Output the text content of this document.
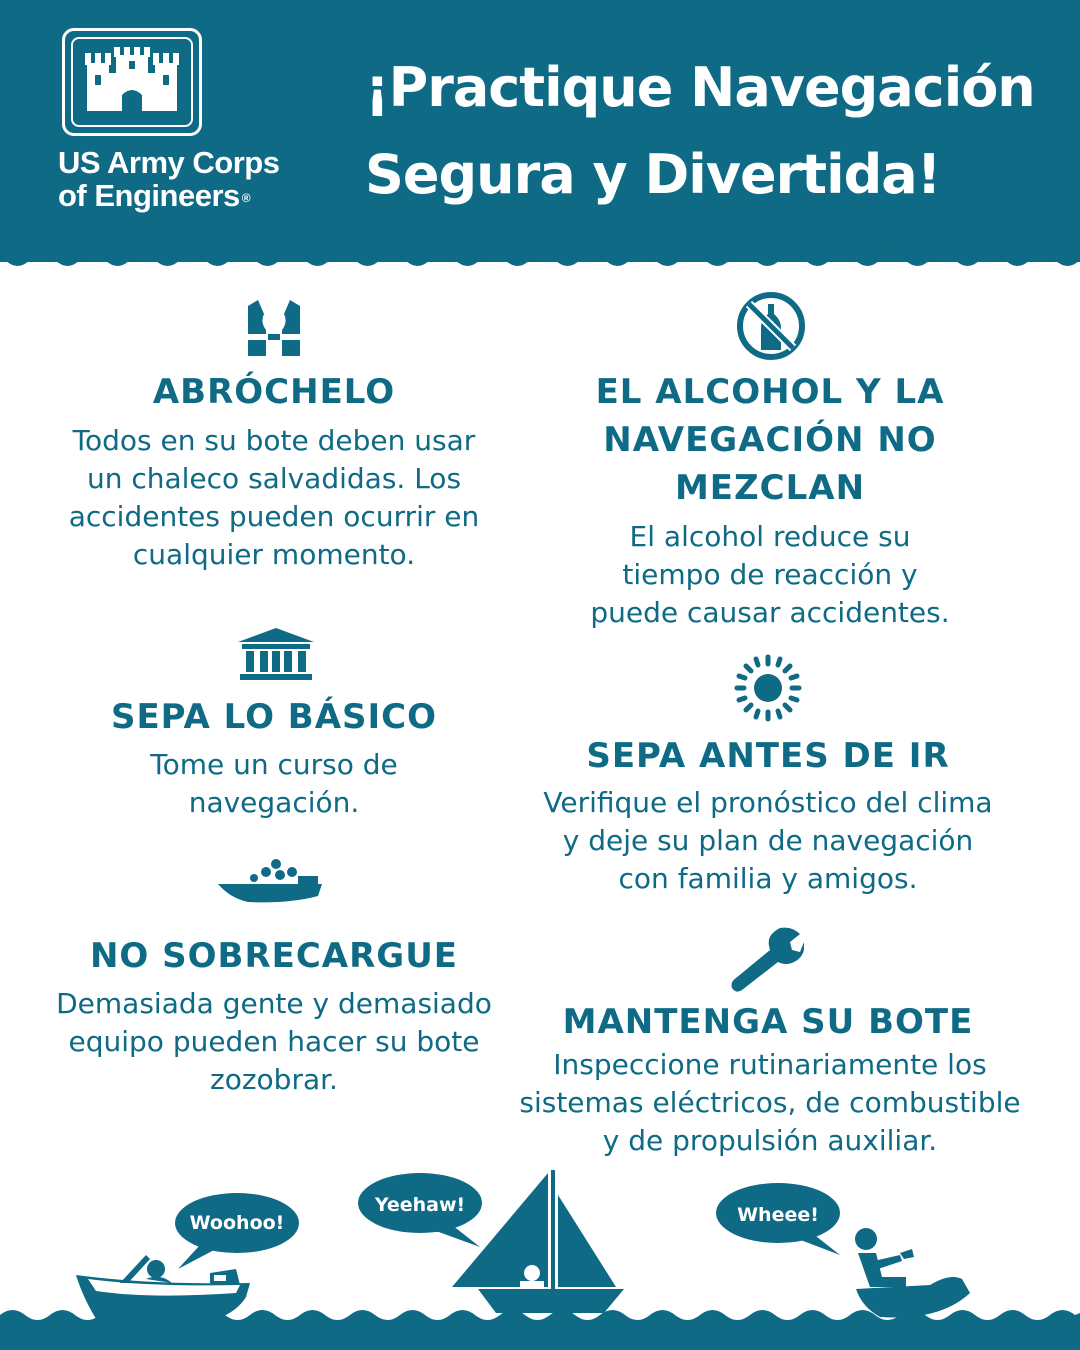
US Army Corps
of Engineers ®
¡Practique Navegación
Segura y Divertida!
ABRÓCHELO
Todos en su bote deben usar
un chaleco salvadidas. Los
accidentes pueden ocurrir en
cualquier momento.
SEPA LO BÁSICO
Tome un curso de
navegación.
NO SOBRECARGUE
Demasiada gente y demasiado
equipo pueden hacer su bote
zozobrar.
EL ALCOHOL Y LA
NAVEGACIÓN NO
MEZCLAN
El alcohol reduce su
tiempo de reacción y
puede causar accidentes.
SEPA ANTES DE IR
Verifique el pronóstico del clima
y deje su plan de navegación
con familia y amigos.
MANTENGA SU BOTE
Inspeccione rutinariamente los
sistemas eléctricos, de combustible
y de propulsión auxiliar.
Woohoo!
Yeehaw!	Wheee!
